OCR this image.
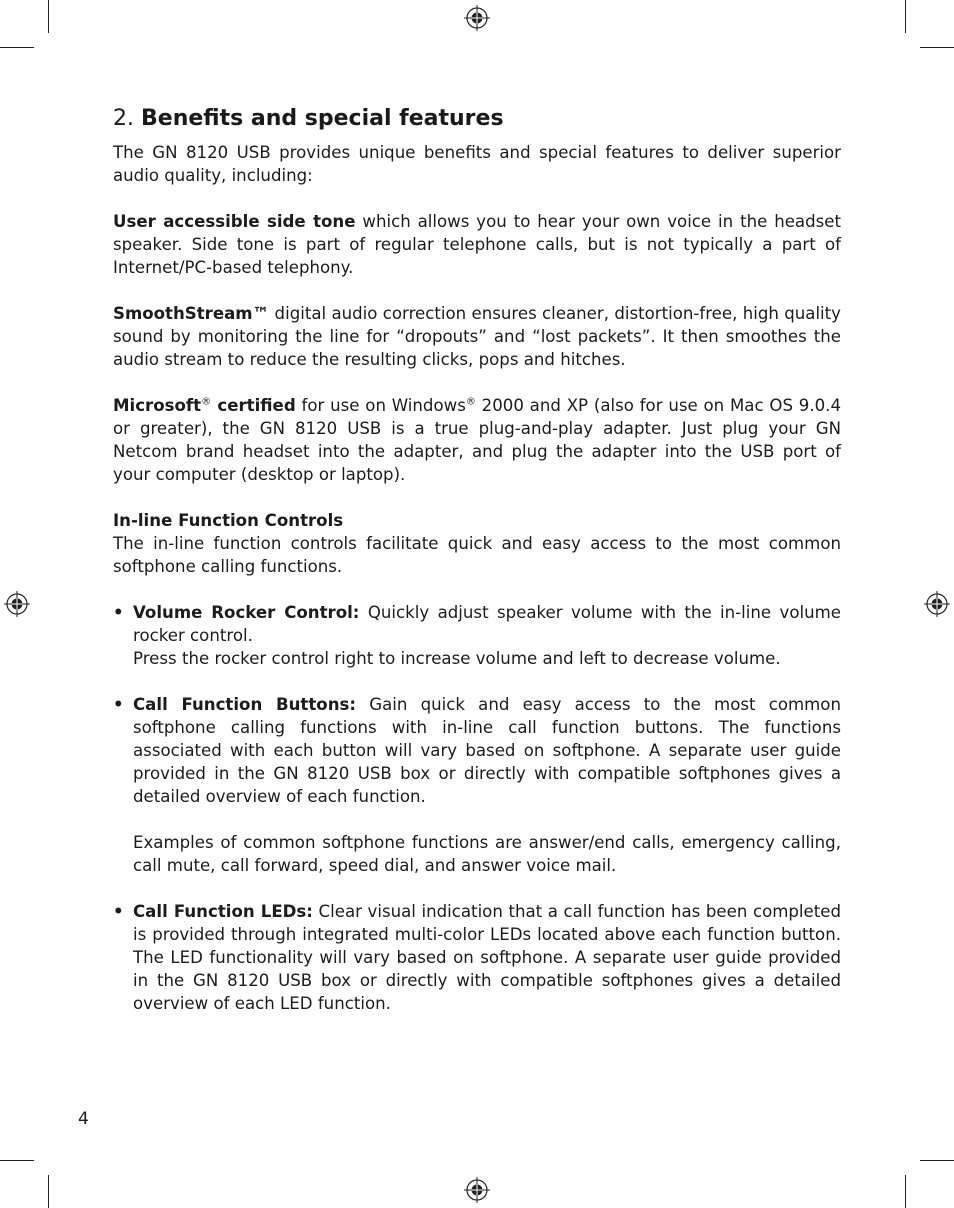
2. Benefits and special features

The GN 8120 USB provides unique benefits and special features to deliver superior audio quality, including:

User accessible side tone which allows you to hear your own voice in the headset speaker. Side tone is part of regular telephone calls, but is not typically a part of Internet/PC-based telephony.

SmoothStream™ digital audio correction ensures cleaner, distortion-free, high quality sound by monitoring the line for “dropouts” and “lost packets”. It then smoothes the audio stream to reduce the resulting clicks, pops and hitches.

Microsoft® certified for use on Windows® 2000 and XP (also for use on Mac OS 9.0.4 or greater), the GN 8120 USB is a true plug-and-play adapter. Just plug your GN Netcom brand headset into the adapter, and plug the adapter into the USB port of your computer (desktop or laptop).

In-line Function Controls

The in-line function controls facilitate quick and easy access to the most common softphone calling functions.

• Volume Rocker Control: Quickly adjust speaker volume with the in-line volume rocker control.

Press the rocker control right to increase volume and left to decrease volume.

• Call Function Buttons: Gain quick and easy access to the most common softphone calling functions with in-line call function buttons. The functions associated with each button will vary based on softphone. A separate user guide provided in the GN 8120 USB box or directly with compatible softphones gives a detailed overview of each function.

Examples of common softphone functions are answer/end calls, emergency calling, call mute, call forward, speed dial, and answer voice mail.

• Call Function LEDs: Clear visual indication that a call function has been completed is provided through integrated multi-color LEDs located above each function button. The LED functionality will vary based on softphone. A separate user guide provided in the GN 8120 USB box or directly with compatible softphones gives a detailed overview of each LED function.

4
